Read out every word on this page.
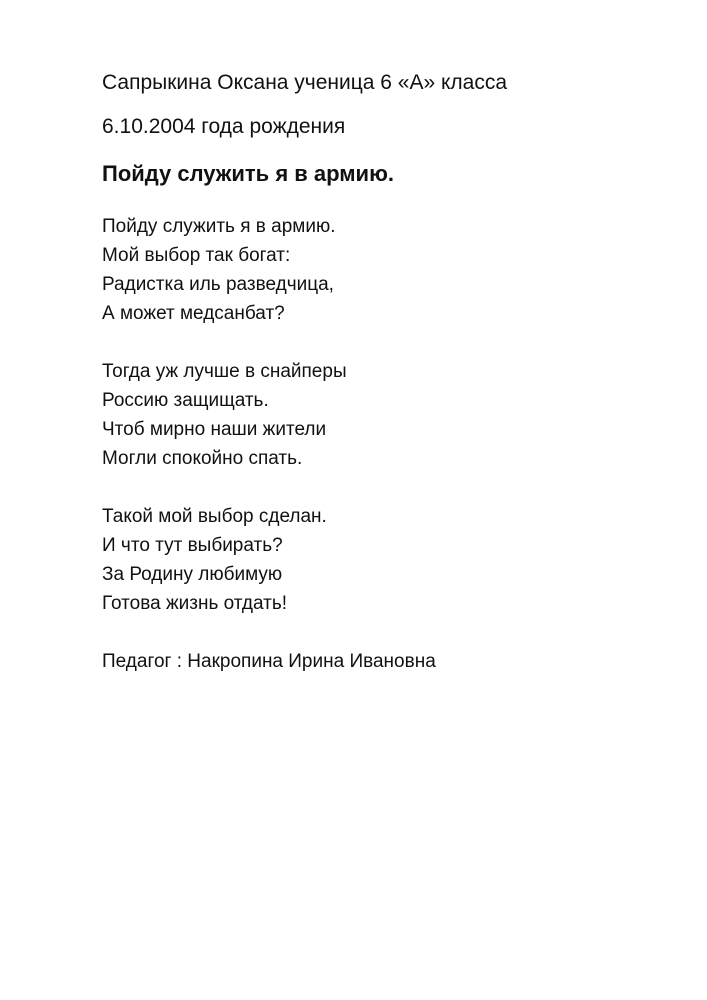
Сапрыкина Оксана ученица 6 «А» класса
6.10.2004 года рождения
Пойду служить я в армию.
Пойду служить я в армию.
Мой выбор так богат:
Радистка иль разведчица,
А может медсанбат?
Тогда уж лучше в снайперы
Россию защищать.
Чтоб мирно наши жители
Могли спокойно спать.
Такой мой выбор сделан.
И что тут выбирать?
За Родину любимую
Готова жизнь отдать!
Педагог : Накропина Ирина Ивановна
